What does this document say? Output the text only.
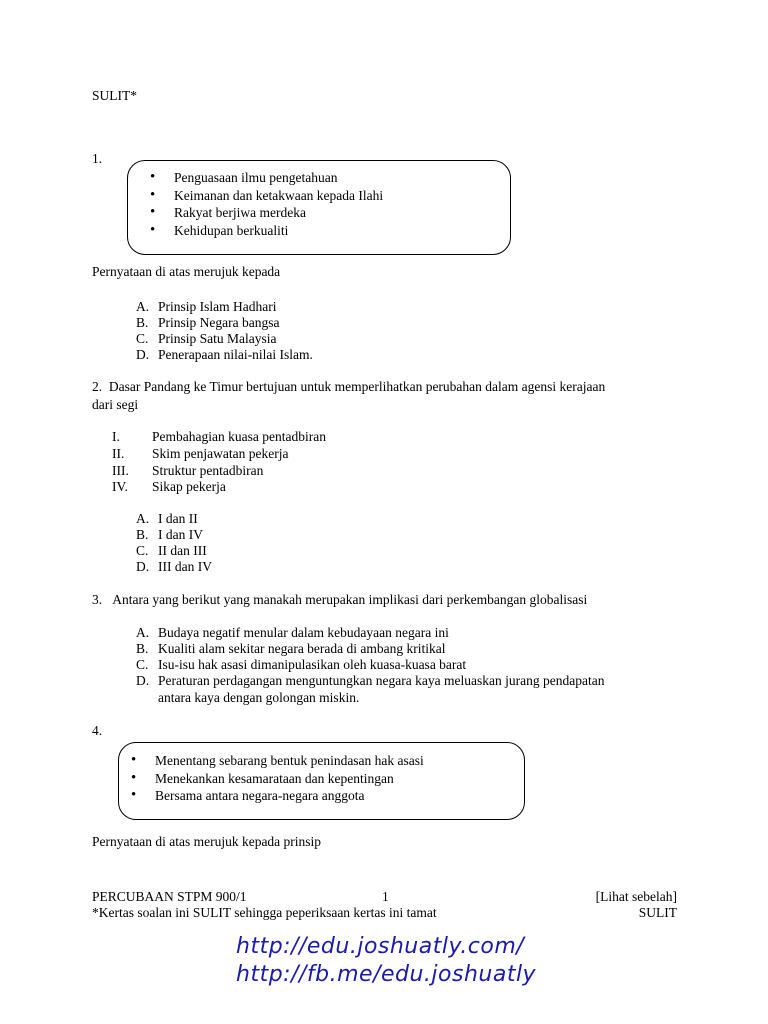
SULIT*
1.
• Penguasaan ilmu pengetahuan
• Keimanan dan ketakwaan kepada Ilahi
• Rakyat berjiwa merdeka
• Kehidupan berkualiti
Pernyataan di atas merujuk kepada
A. Prinsip Islam Hadhari
B. Prinsip Negara bangsa
C. Prinsip Satu Malaysia
D. Penerapaan nilai-nilai Islam.
2. Dasar Pandang ke Timur bertujuan untuk memperlihatkan perubahan dalam agensi kerajaan
dari segi
I. Pembahagian kuasa pentadbiran
II. Skim penjawatan pekerja
III. Struktur pentadbiran
IV. Sikap pekerja
A. I dan II
B. I dan IV
C. II dan III
D. III dan IV
3. Antara yang berikut yang manakah merupakan implikasi dari perkembangan globalisasi
A. Budaya negatif menular dalam kebudayaan negara ini
B. Kualiti alam sekitar negara berada di ambang kritikal
C. Isu-isu hak asasi dimanipulasikan oleh kuasa-kuasa barat
D. Peraturan perdagangan menguntungkan negara kaya meluaskan jurang pendapatan
antara kaya dengan golongan miskin.
4.
• Menentang sebarang bentuk penindasan hak asasi
• Menekankan kesamarataan dan kepentingan
• Bersama antara negara-negara anggota
Pernyataan di atas merujuk kepada prinsip
PERCUBAAN STPM 900/1	1	[Lihat sebelah]
*Kertas soalan ini SULIT sehingga peperiksaan kertas ini tamat	SULIT
http://edu.joshuatly.com/
http://fb.me/edu.joshuatly
